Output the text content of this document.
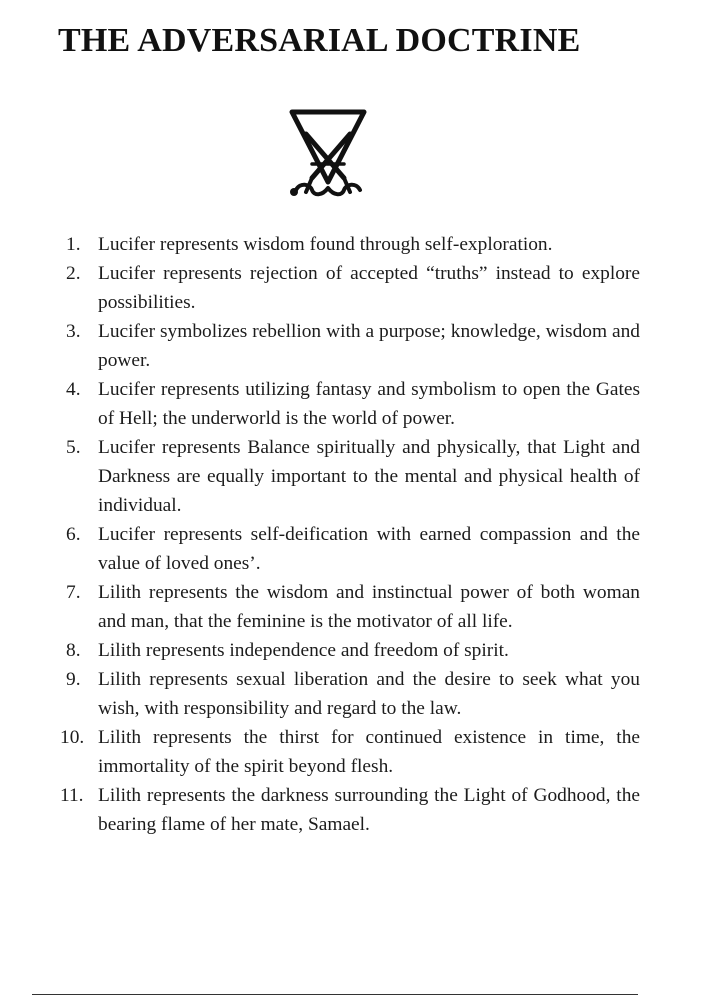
THE ADVERSARIAL DOCTRINE
1. Lucifer represents wisdom found through self-exploration.
2. Lucifer represents rejection of accepted “truths” instead to explore possibilities.
3. Lucifer symbolizes rebellion with a purpose; knowledge, wisdom and power.
4. Lucifer represents utilizing fantasy and symbolism to open the Gates of Hell; the underworld is the world of power.
5. Lucifer represents Balance spiritually and physically, that Light and Darkness are equally important to the mental and physical health of individual.
6. Lucifer represents self-deification with earned compassion and the value of loved ones’.
7. Lilith represents the wisdom and instinctual power of both woman and man, that the feminine is the motivator of all life.
8. Lilith represents independence and freedom of spirit.
9. Lilith represents sexual liberation and the desire to seek what you wish, with responsibility and regard to the law.
10. Lilith represents the thirst for continued existence in time, the immortality of the spirit beyond flesh.
11. Lilith represents the darkness surrounding the Light of Godhood, the bearing flame of her mate, Samael.
